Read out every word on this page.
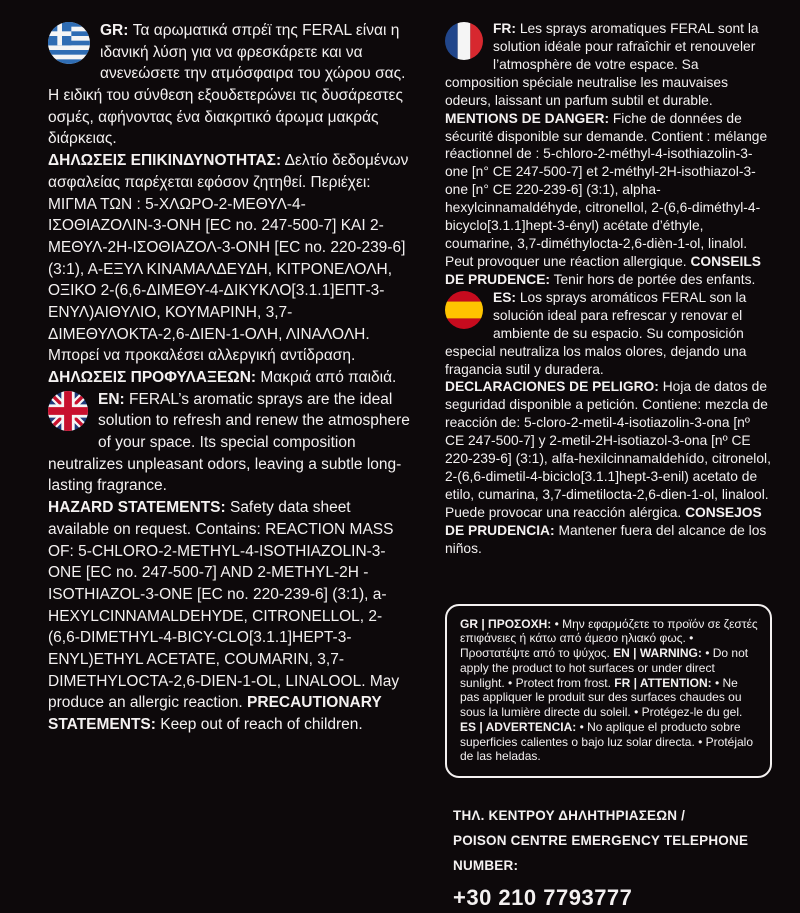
GR: Τα αρωματικά σπρέϊ της FERAL είναι η ιδανική λύση για να φρεσκάρετε και να ανενεώσετε την ατμόσφαιρα του χώρου σας. Η ειδική του σύνθεση εξουδετερώνει τις δυσάρεστες οσμές, αφήνοντας ένα διακριτικό άρωμα μακράς διάρκειας.

ΔΗΛΩΣΕΙΣ ΕΠΙΚΙΝΔΥΝΟΤΗΤΑΣ: Δελτίο δεδομένων ασφαλείας παρέχεται εφόσον ζητηθεί. Περιέχει: ΜΙΓΜΑ ΤΩΝ : 5-ΧΛΩΡΟ-2-ΜΕΘΥΛ-4-ΙΣΟΘΙΑΖΟΛΙΝ-3-ΟΝΗ [EC no. 247-500-7] ΚΑΙ 2-ΜΕΘΥΛ-2Η-ΙΣΟΘΙΑΖΟΛ-3-ΟΝΗ [EC no. 220-239-6] (3:1), Α-ΕΞΥΛ ΚΙΝΑΜΑΛΔΕΥΔΗ, ΚΙΤΡΟΝΕΛΟΛΗ, ΟΞΙΚΟ 2-(6,6-ΔΙΜΕΘΥ-4-ΔΙΚΥΚΛΟ[3.1.1]ΕΠΤ-3-ΕΝΥΛ)ΑΙΘΥΛΙΟ, ΚΟΥΜΑΡΙΝΗ, 3,7-ΔΙΜΕΘΥΛΟΚΤΑ-2,6-ΔΙΕΝ-1-ΟΛΗ, ΛΙΝΑΛΟΛΗ. Μπορεί να προκαλέσει αλλεργική αντίδραση. ΔΗΛΩΣΕΙΣ ΠΡΟΦΥΛΑΞΕΩΝ: Μακριά από παιδιά.

EN: FERAL’s aromatic sprays are the ideal solution to refresh and renew the atmosphere of your space. Its special composition neutralizes unpleasant odors, leaving a subtle long-lasting fragrance.

HAZARD STATEMENTS: Safety data sheet available on request. Contains: REACTION MASS OF: 5-CHLORO-2-METHYL-4-ISOTHIAZOLIN-3-ONE [EC no. 247-500-7] AND 2-METHYL-2H -ISOTHIAZOL-3-ONE [EC no. 220-239-6] (3:1), a-HEXYLCINNAMALDEHYDE, CITRONELLOL, 2-(6,6-DIMETHYL-4-BICY-CLO[3.1.1]HEPT-3-ENYL)ETHYL ACETATE, COUMARIN, 3,7-DIMETHYLOCTA-2,6-DIEN-1-OL, LINALOOL. May produce an allergic reaction. PRECAUTIONARY STATEMENTS: Keep out of reach of children.

FR: Les sprays aromatiques FERAL sont la solution idéale pour rafraîchir et renouveler l’atmosphère de votre espace. Sa composition spéciale neutralise les mauvaises odeurs, laissant un parfum subtil et durable.

MENTIONS DE DANGER: Fiche de données de sécurité disponible sur demande. Contient : mélange réactionnel de : 5-chloro-2-méthyl-4-isothiazolin-3-one [n° CE 247-500-7] et 2-méthyl-2H-isothiazol-3-one [n° CE 220-239-6] (3:1), alpha-hexylcinnamaldéhyde, citronellol, 2-(6,6-diméthyl-4-bicyclo[3.1.1]hept-3-ényl) acétate d’éthyle, coumarine, 3,7-diméthylocta-2,6-dièn-1-ol, linalol. Peut provoquer une réaction allergique. CONSEILS DE PRUDENCE: Tenir hors de portée des enfants.

ES: Los sprays aromáticos FERAL son la solución ideal para refrescar y renovar el ambiente de su espacio. Su composición especial neutraliza los malos olores, dejando una fragancia sutil y duradera.

DECLARACIONES DE PELIGRO: Hoja de datos de seguridad disponible a petición. Contiene: mezcla de reacción de: 5-cloro-2-metil-4-isotiazolin-3-ona [nº CE 247-500-7] y 2-metil-2H-isotiazol-3-ona [nº CE 220-239-6] (3:1), alfa-hexilcinnamaldehído, citronelol, 2-(6,6-dimetil-4-biciclo[3.1.1]hept-3-enil) acetato de etilo, cumarina, 3,7-dimetilocta-2,6-dien-1-ol, linalool. Puede provocar una reacción alérgica. CONSEJOS DE PRUDENCIA: Mantener fuera del alcance de los niños.

GR | ΠΡΟΣΟΧΗ: • Μην εφαρμόζετε το προϊόν σε ζεστές επιφάνειες ή κάτω από άμεσο ηλιακό φως. • Προστατέψτε από το ψύχος. EN | WARNING: • Do not apply the product to hot surfaces or under direct sunlight. • Protect from frost. FR | ATTENTION: • Ne pas appliquer le produit sur des surfaces chaudes ou sous la lumière directe du soleil. • Protégez-le du gel. ES | ADVERTENCIA: • No aplique el producto sobre superficies calientes o bajo luz solar directa. • Protéjalo de las heladas.

ΤΗΛ. ΚΕΝΤΡΟΥ ΔΗΛΗΤΗΡΙΑΣΕΩΝ /
POISON CENTRE EMERGENCY TELEPHONE NUMBER:
+30 210 7793777
